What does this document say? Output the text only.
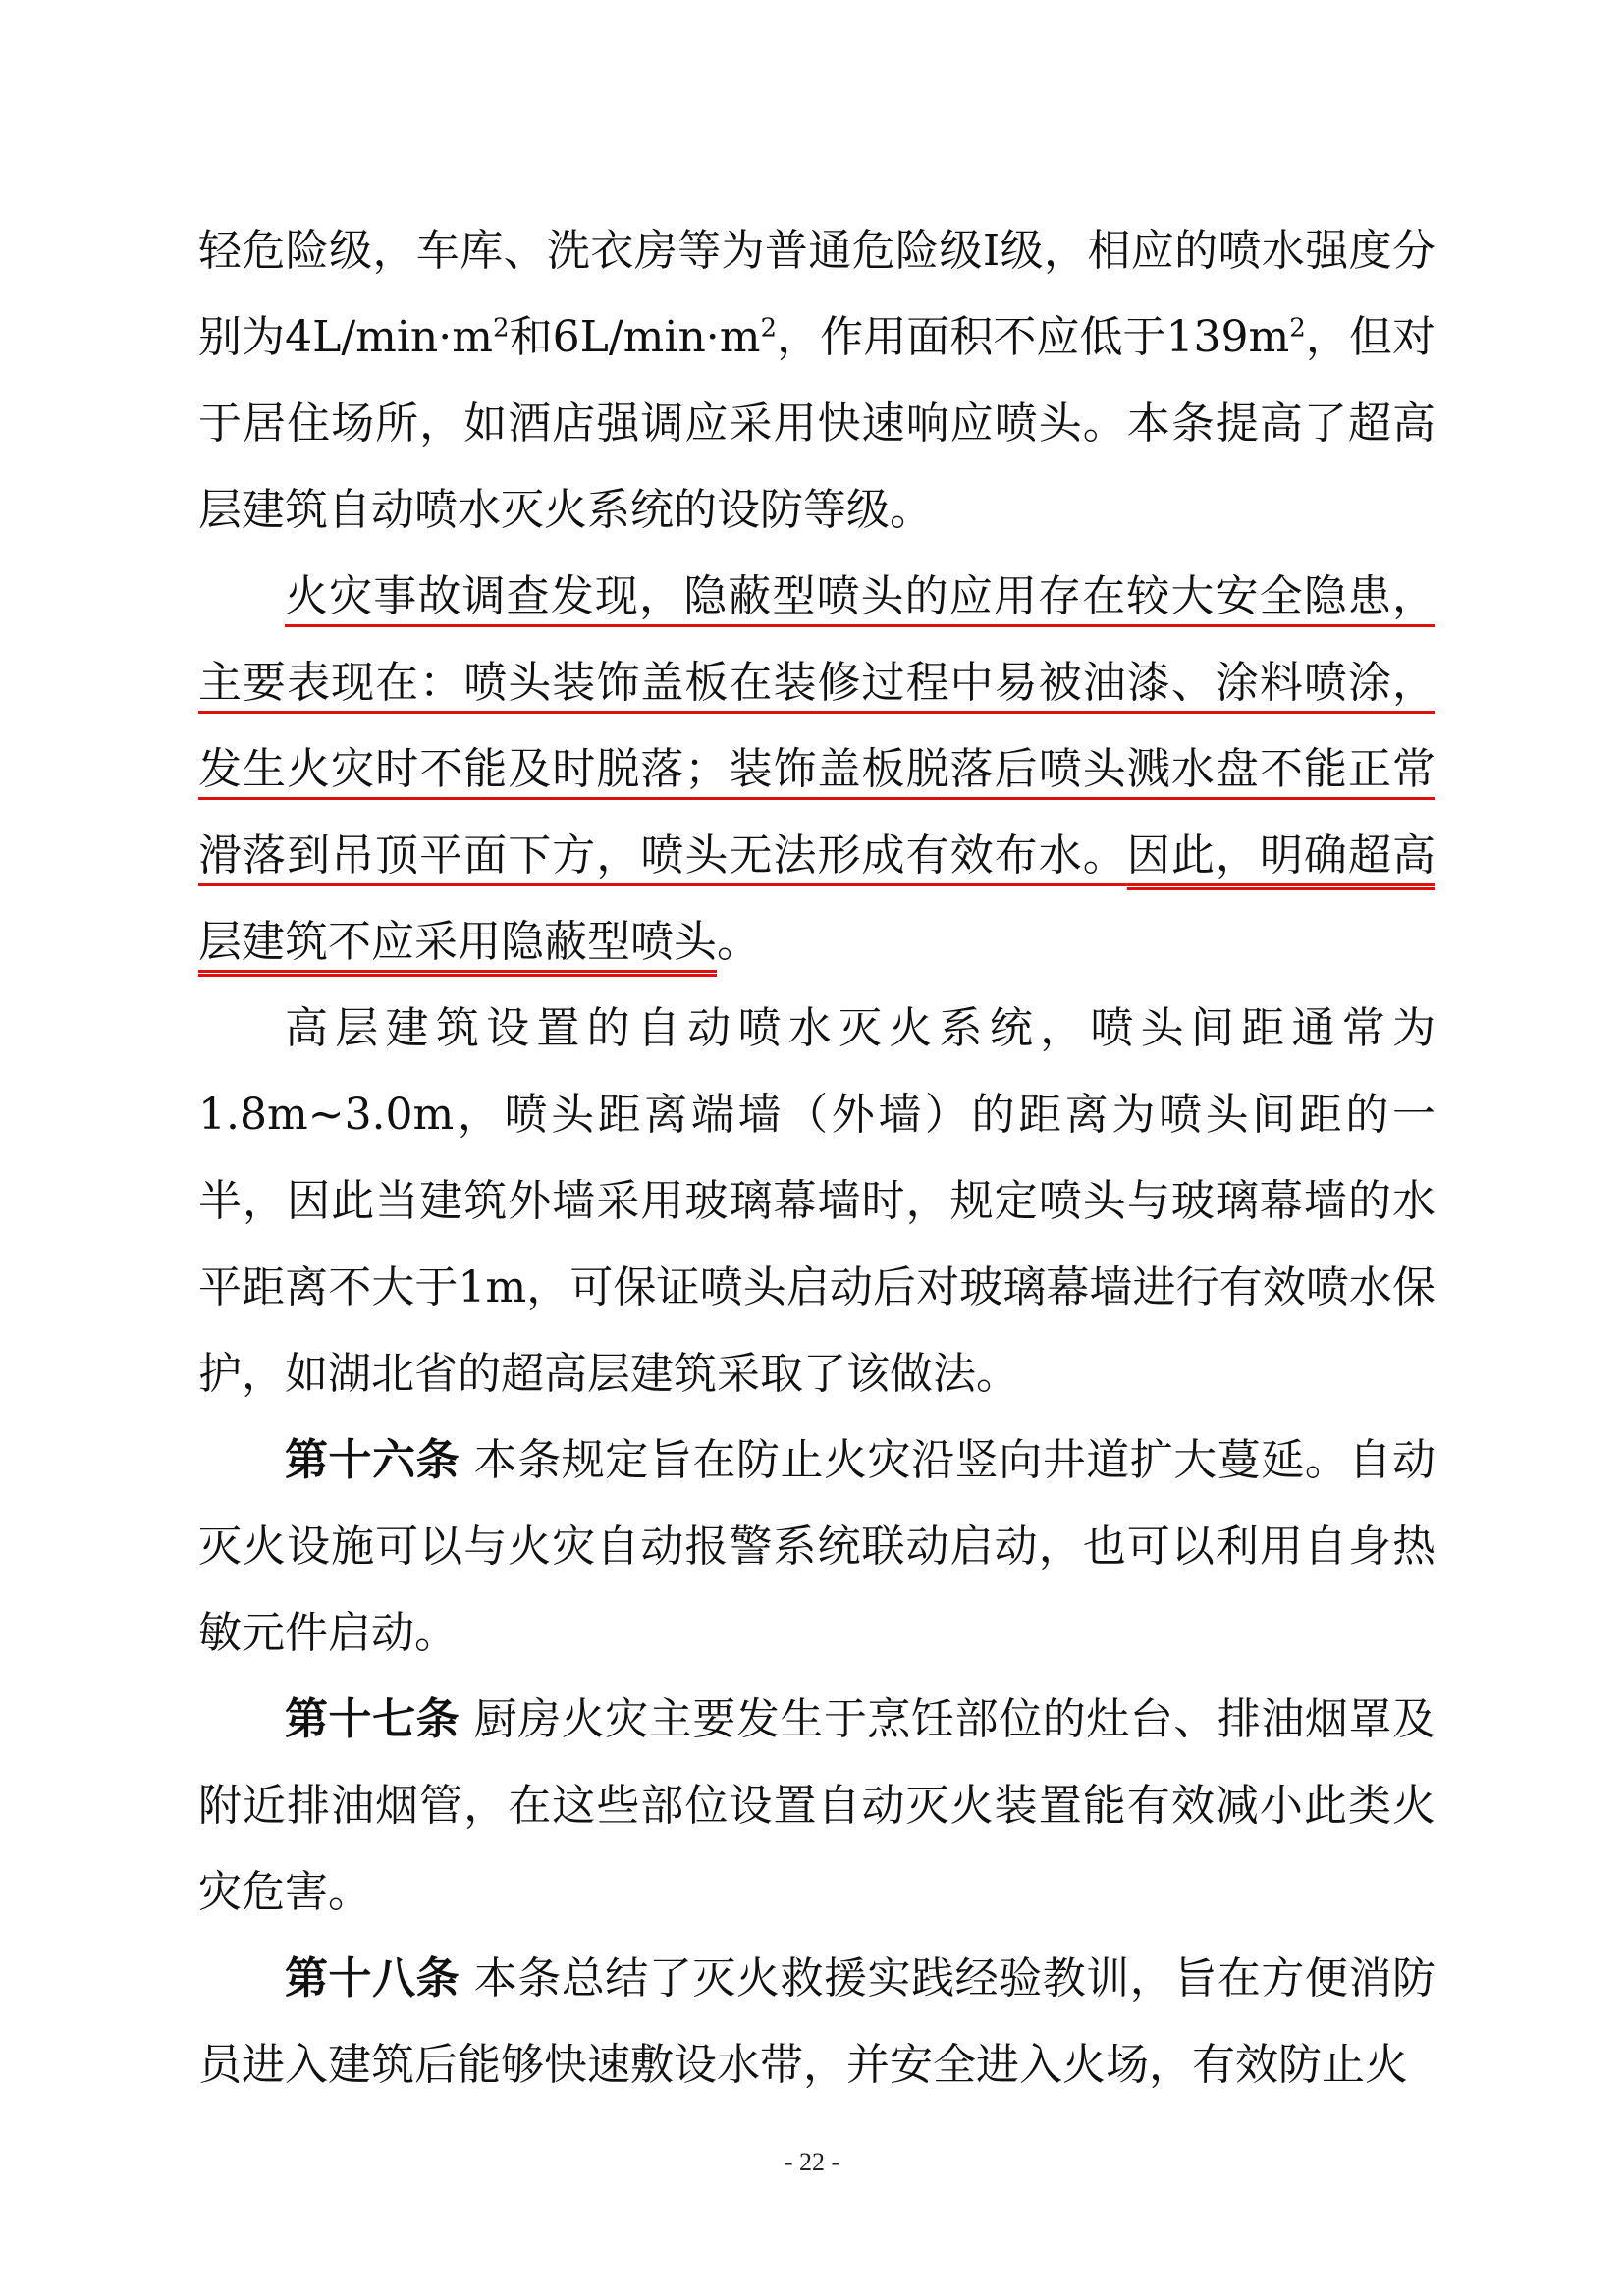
轻危险级，车库、洗衣房等为普通危险级Ⅰ级，相应的喷水强度分别为$4L/\min\cdot m^2$和$6L/\min\cdot m^2$，作用面积不应低于$139m^2$，但对于居住场所，如酒店强调应采用快速响应喷头。本条提高了超高层建筑自动喷水灭火系统的设防等级。

火灾事故调查发现，隐蔽型喷头的应用存在较大安全隐患，主要表现在：喷头装饰盖板在装修过程中易被油漆、涂料喷涂，发生火灾时不能及时脱落；装饰盖板脱落后喷头溅水盘不能正常滑落到吊顶平面下方，喷头无法形成有效布水。因此，明确超高层建筑不应采用隐蔽型喷头。

高层建筑设置的自动喷水灭火系统，喷头间距通常为1.8m~3.0m，喷头距离端墙（外墙）的距离为喷头间距的一半，因此当建筑外墙采用玻璃幕墙时，规定喷头与玻璃幕墙的水平距离不大于1m，可保证喷头启动后对玻璃幕墙进行有效喷水保护，如湖北省的超高层建筑采取了该做法。

第十六条 本条规定旨在防止火灾沿竖向井道扩大蔓延。自动灭火设施可以与火灾自动报警系统联动启动，也可以利用自身热敏元件启动。

第十七条 厨房火灾主要发生于烹饪部位的灶台、排油烟罩及附近排油烟管，在这些部位设置自动灭火装置能有效减小此类火灾危害。

第十八条 本条总结了灭火救援实践经验教训，旨在方便消防员进入建筑后能够快速敷设水带，并安全进入火场，有效防止火

- 22 -
